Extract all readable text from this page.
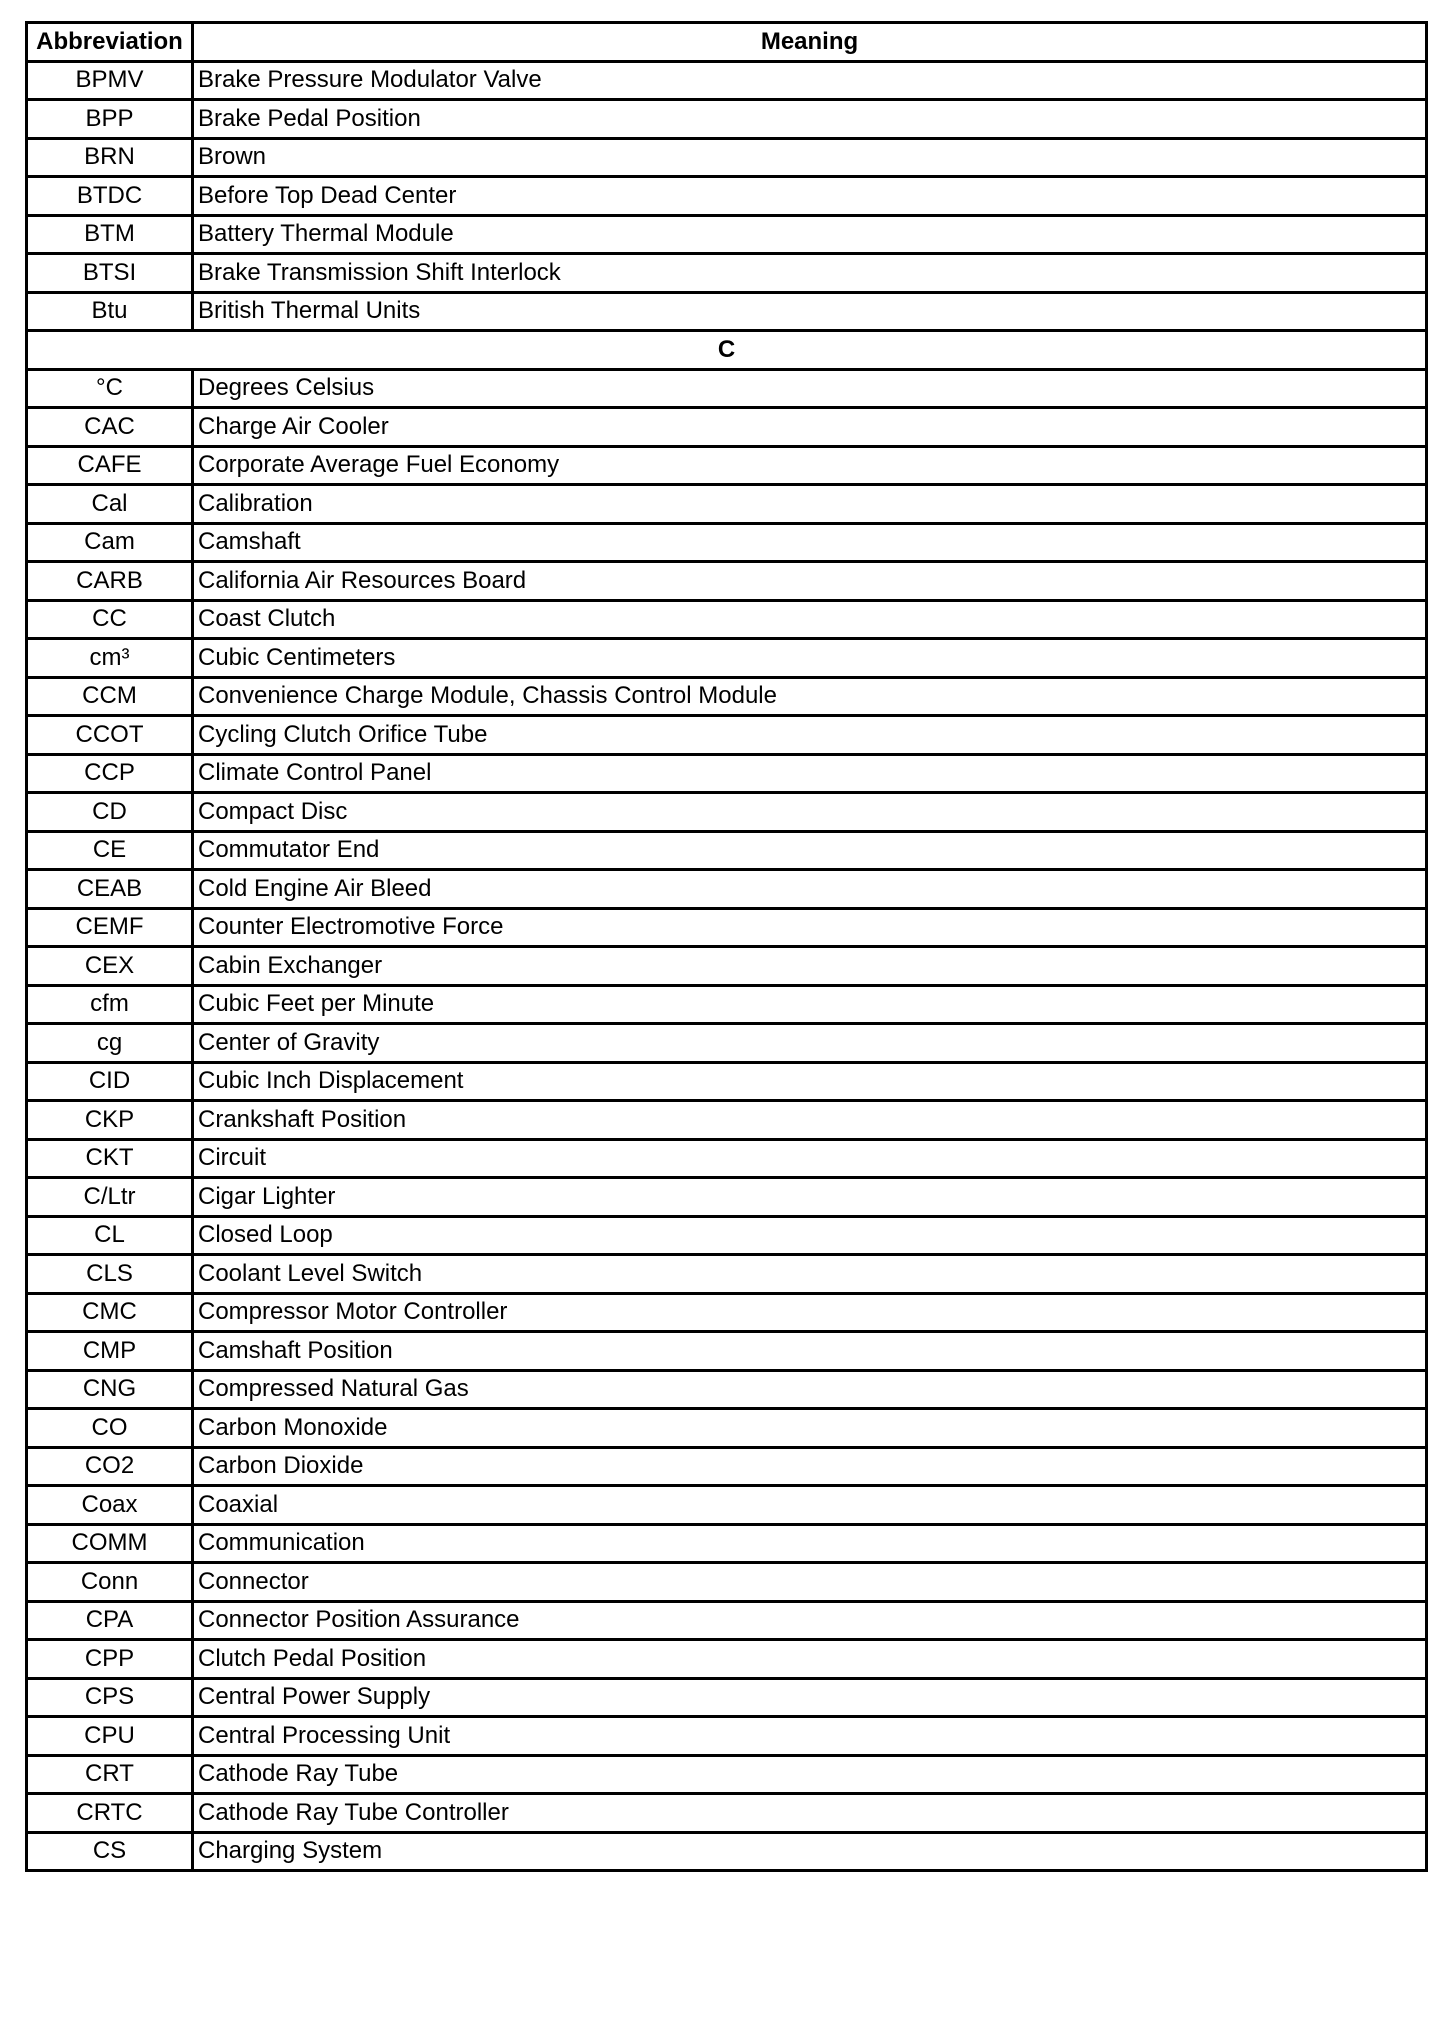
Abbreviation	Meaning
BPMV	Brake Pressure Modulator Valve
BPP	Brake Pedal Position
BRN	Brown
BTDC	Before Top Dead Center
BTM	Battery Thermal Module
BTSI	Brake Transmission Shift Interlock
Btu	British Thermal Units
C	
°C	Degrees Celsius
CAC	Charge Air Cooler
CAFE	Corporate Average Fuel Economy
Cal	Calibration
Cam	Camshaft
CARB	California Air Resources Board
CC	Coast Clutch
cm³	Cubic Centimeters
CCM	Convenience Charge Module, Chassis Control Module
CCOT	Cycling Clutch Orifice Tube
CCP	Climate Control Panel
CD	Compact Disc
CE	Commutator End
CEAB	Cold Engine Air Bleed
CEMF	Counter Electromotive Force
CEX	Cabin Exchanger
cfm	Cubic Feet per Minute
cg	Center of Gravity
CID	Cubic Inch Displacement
CKP	Crankshaft Position
CKT	Circuit
C/Ltr	Cigar Lighter
CL	Closed Loop
CLS	Coolant Level Switch
CMC	Compressor Motor Controller
CMP	Camshaft Position
CNG	Compressed Natural Gas
CO	Carbon Monoxide
CO2	Carbon Dioxide
Coax	Coaxial
COMM	Communication
Conn	Connector
CPA	Connector Position Assurance
CPP	Clutch Pedal Position
CPS	Central Power Supply
CPU	Central Processing Unit
CRT	Cathode Ray Tube
CRTC	Cathode Ray Tube Controller
CS	Charging System
